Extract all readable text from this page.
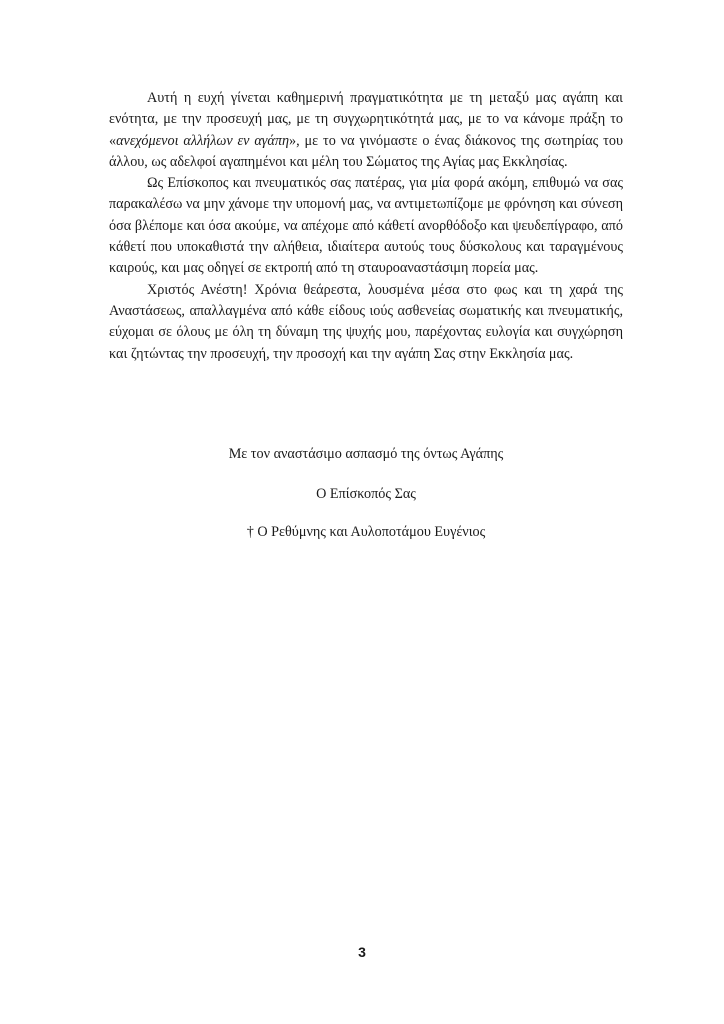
Αυτή η ευχή γίνεται καθημερινή πραγματικότητα με τη μεταξύ μας αγάπη και ενότητα, με την προσευχή μας, με τη συγχωρητικότητά μας, με το να κάνομε πράξη το «ανεχόμενοι αλλήλων εν αγάπη», με το να γινόμαστε ο ένας διάκονος της σωτηρίας του άλλου, ως αδελφοί αγαπημένοι και μέλη του Σώματος της Αγίας μας Εκκλησίας.

Ως Επίσκοπος και πνευματικός σας πατέρας, για μία φορά ακόμη, επιθυμώ να σας παρακαλέσω να μην χάνομε την υπομονή μας, να αντιμετωπίζομε με φρόνηση και σύνεση όσα βλέπομε και όσα ακούμε, να απέχομε από κάθετί ανορθόδοξο και ψευδεπίγραφο, από κάθετί που υποκαθιστά την αλήθεια, ιδιαίτερα αυτούς τους δύσκολους και ταραγμένους καιρούς, και μας οδηγεί σε εκτροπή από τη σταυροαναστάσιμη πορεία μας.

Χριστός Ανέστη! Χρόνια θεάρεστα, λουσμένα μέσα στο φως και τη χαρά της Αναστάσεως, απαλλαγμένα από κάθε είδους ιούς ασθενείας σωματικής και πνευματικής, εύχομαι σε όλους με όλη τη δύναμη της ψυχής μου, παρέχοντας ευλογία και συγχώρηση και ζητώντας την προσευχή, την προσοχή και την αγάπη Σας στην Εκκλησία μας.

Με τον αναστάσιμο ασπασμό της όντως Αγάπης
Ο Επίσκοπός Σας
† Ο Ρεθύμνης και Αυλοποτάμου Ευγένιος
3
